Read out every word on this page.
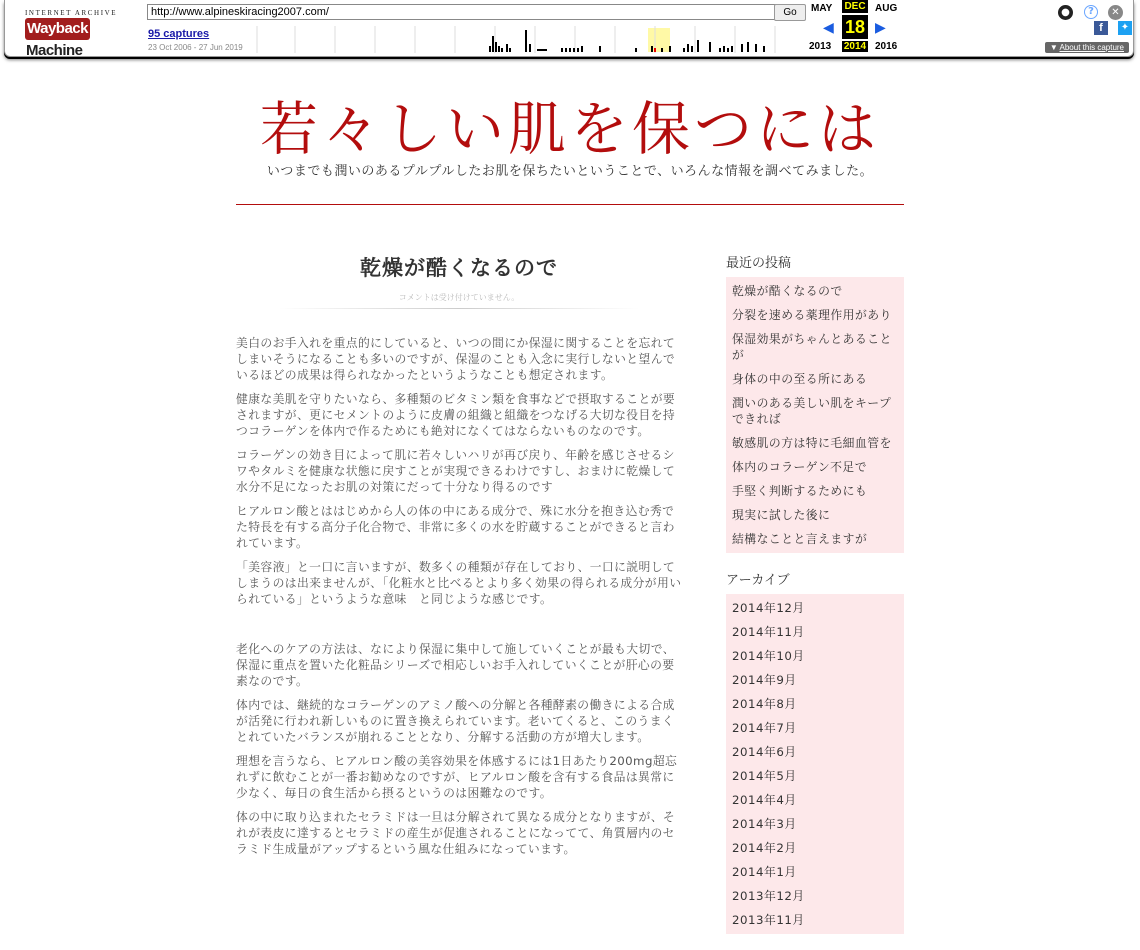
INTERNET ARCHIVE
WaybackMachine
http://www.alpineskiracing2007.com/	Go
95 captures
23 Oct 2006 - 27 Jun 2019
MAY DEC AUG
◀ 18 ▶
2013 2014 2016
●	?	✕
f	✦
▼ About this capture
若々しい肌を保つには
いつまでも潤いのあるプルプルしたお肌を保ちたいということで、いろんな情報を調べてみました。
乾燥が酷くなるので
コメントは受け付けていません。

美白のお手入れを重点的にしていると、いつの間にか保湿に関することを忘れてしまいそうになることも多いのですが、保湿のことも入念に実行しないと望んでいるほどの成果は得られなかったというようなことも想定されます。

健康な美肌を守りたいなら、多種類のビタミン類を食事などで摂取することが要されますが、更にセメントのように皮膚の組織と組織をつなげる大切な役目を持つコラーゲンを体内で作るためにも絶対になくてはならないものなのです。

コラーゲンの効き目によって肌に若々しいハリが再び戻り、年齢を感じさせるシワやタルミを健康な状態に戻すことが実現できるわけですし、おまけに乾燥して水分不足になったお肌の対策にだって十分なり得るのです

ヒアルロン酸とははじめから人の体の中にある成分で、殊に水分を抱き込む秀でた特長を有する高分子化合物で、非常に多くの水を貯蔵することができると言われています。

「美容液」と一口に言いますが、数多くの種類が存在しており、一口に説明してしまうのは出来ませんが、「化粧水と比べるとより多く効果の得られる成分が用いられている」というような意味　と同じような感じです。

老化へのケアの方法は、なにより保湿に集中して施していくことが最も大切で、保湿に重点を置いた化粧品シリーズで相応しいお手入れしていくことが肝心の要素なのです。

体内では、継続的なコラーゲンのアミノ酸への分解と各種酵素の働きによる合成が活発に行われ新しいものに置き換えられています。老いてくると、このうまくとれていたバランスが崩れることとなり、分解する活動の方が増大します。

理想を言うなら、ヒアルロン酸の美容効果を体感するには1日あたり200mg超忘れずに飲むことが一番お勧めなのですが、ヒアルロン酸を含有する食品は異常に少なく、毎日の食生活から摂るというのは困難なのです。

体の中に取り込まれたセラミドは一旦は分解されて異なる成分となりますが、それが表皮に達するとセラミドの産生が促進されることになってて、角質層内のセラミド生成量がアップするという風な仕組みになっています。

最近の投稿
乾燥が酷くなるので
分裂を速める薬理作用があり
保湿効果がちゃんとあることが
身体の中の至る所にある
潤いのある美しい肌をキープできれば
敏感肌の方は特に毛細血管を
体内のコラーゲン不足で
手堅く判断するためにも
現実に試した後に
結構なことと言えますが
アーカイブ
2014年12月
2014年11月
2014年10月
2014年9月
2014年8月
2014年7月
2014年6月
2014年5月
2014年4月
2014年3月
2014年2月
2014年1月
2013年12月
2013年11月
